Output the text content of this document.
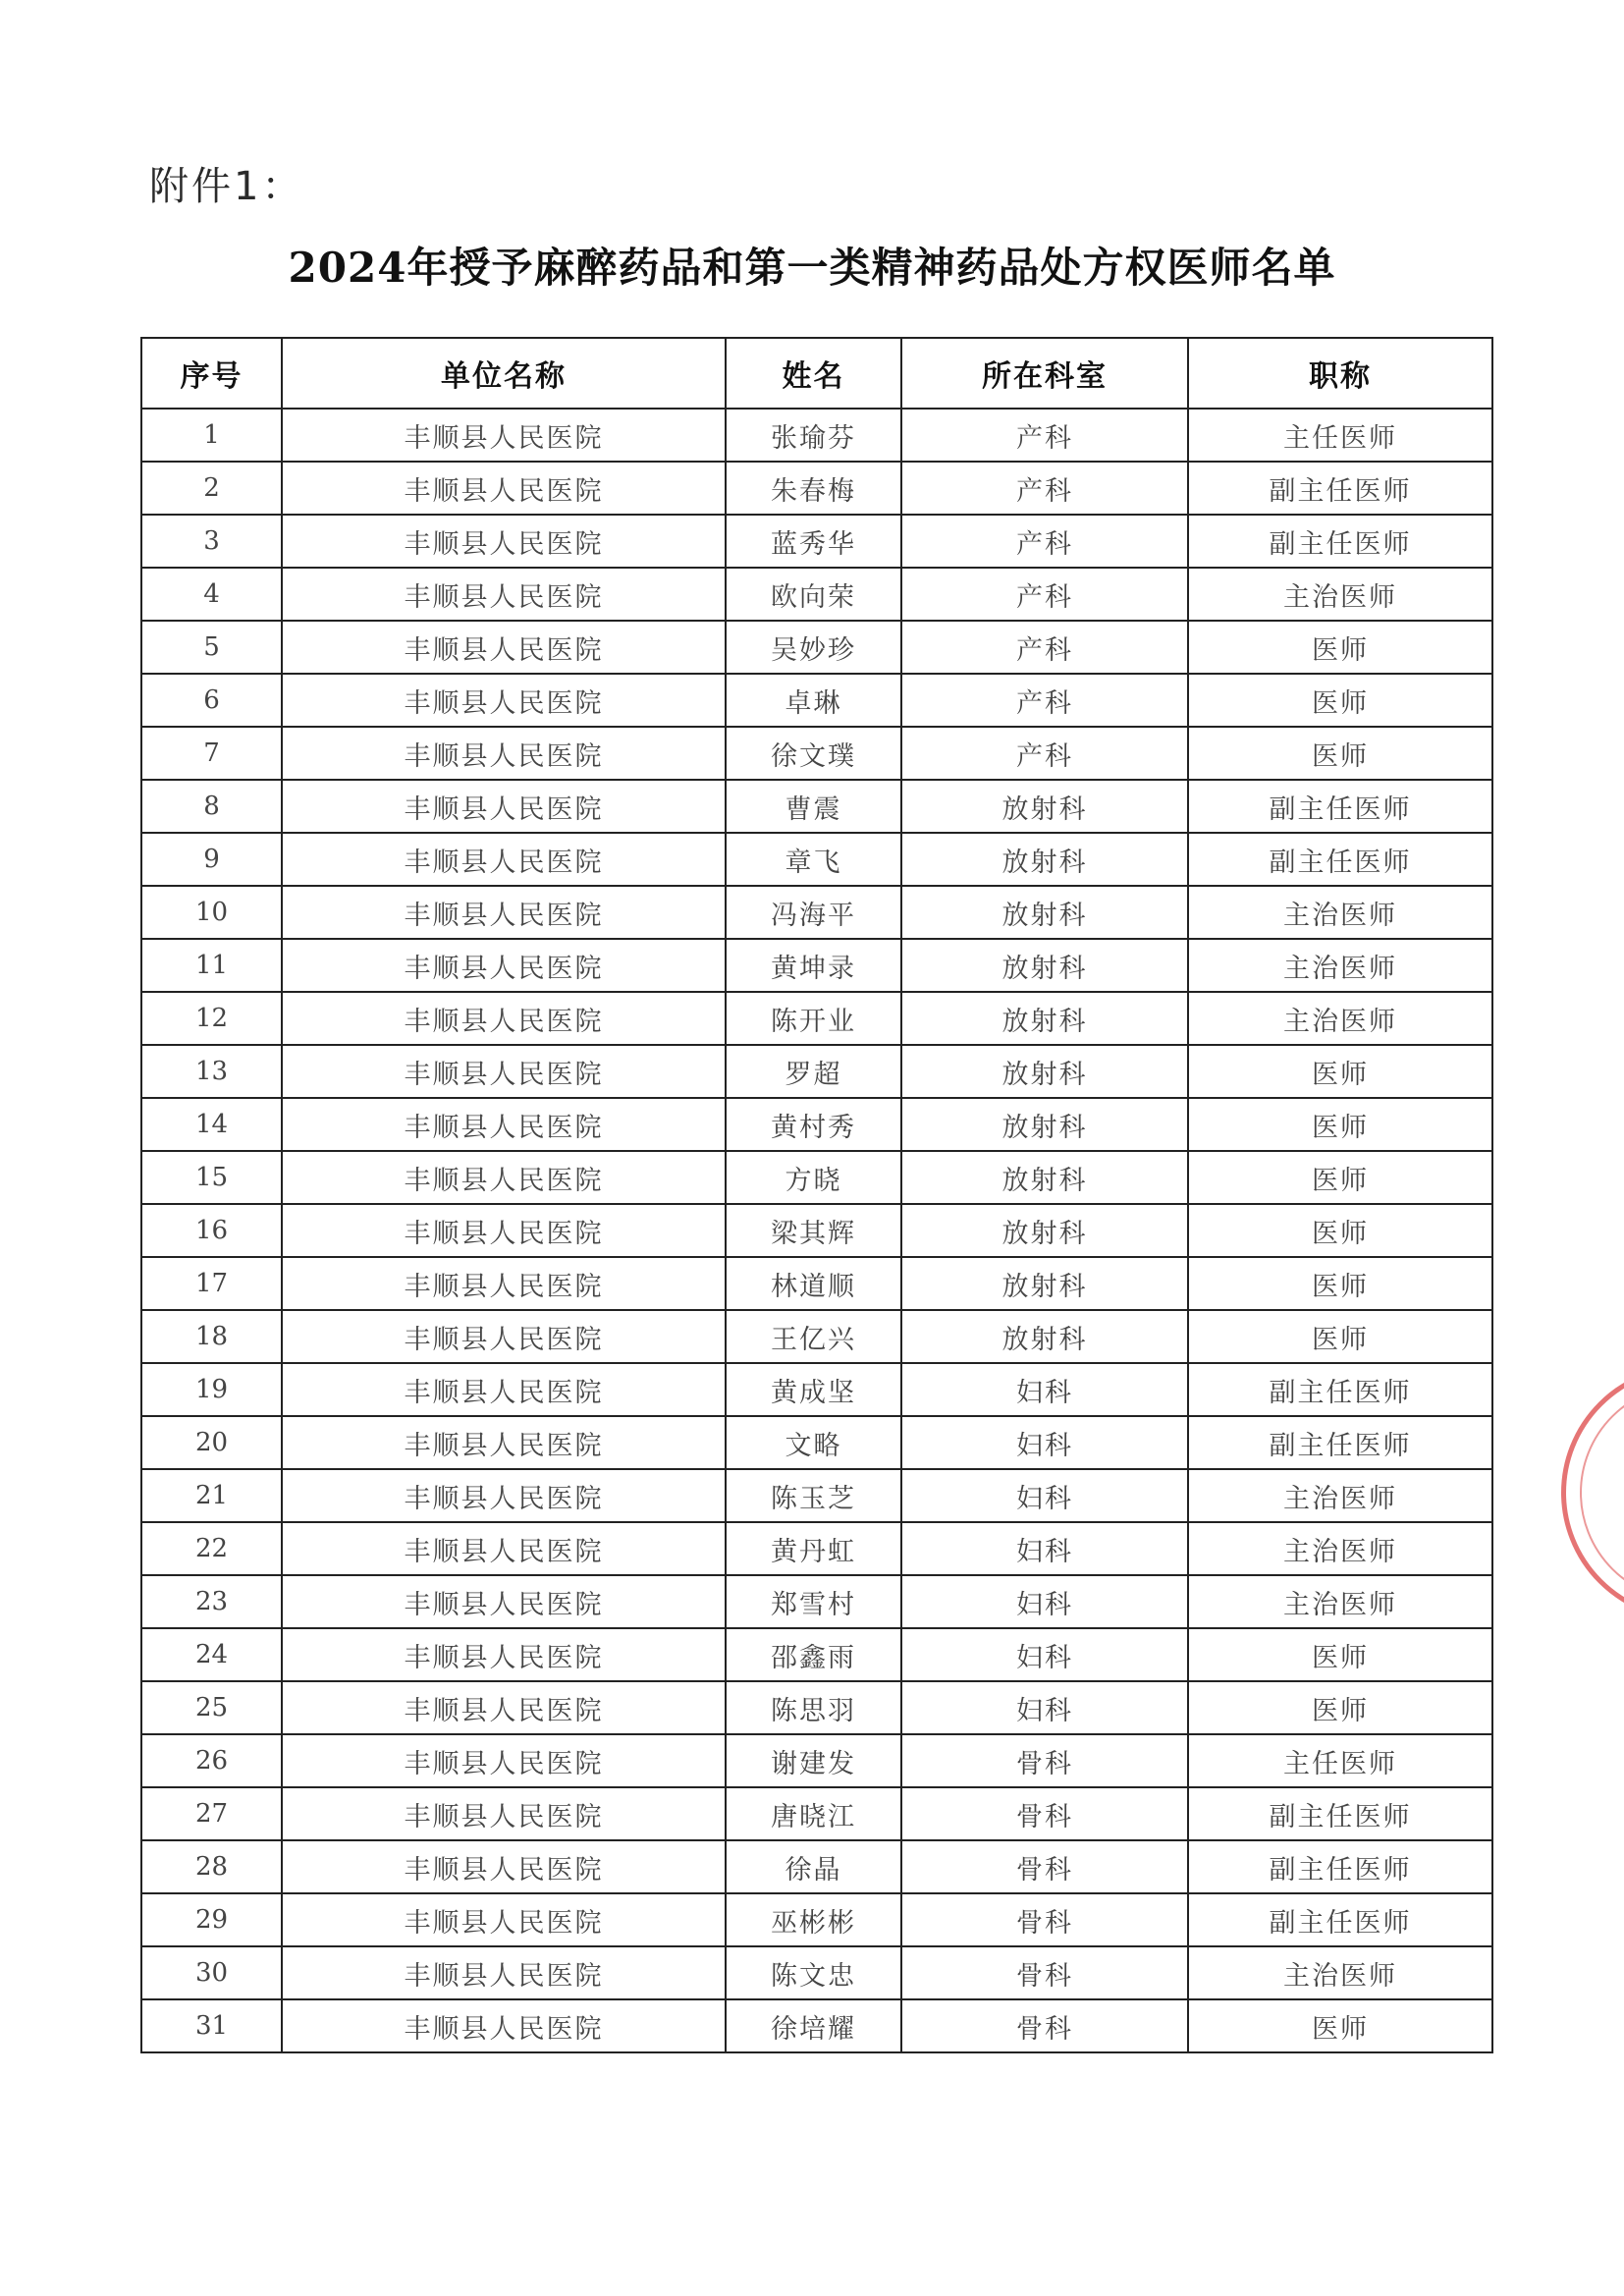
附件1：
2024年授予麻醉药品和第一类精神药品处方权医师名单
序号	单位名称	姓名	所在科室	职称
1	丰顺县人民医院	张瑜芬	产科	主任医师
2	丰顺县人民医院	朱春梅	产科	副主任医师
3	丰顺县人民医院	蓝秀华	产科	副主任医师
4	丰顺县人民医院	欧向荣	产科	主治医师
5	丰顺县人民医院	吴妙珍	产科	医师
6	丰顺县人民医院	卓琳	产科	医师
7	丰顺县人民医院	徐文璞	产科	医师
8	丰顺县人民医院	曹震	放射科	副主任医师
9	丰顺县人民医院	章飞	放射科	副主任医师
10	丰顺县人民医院	冯海平	放射科	主治医师
11	丰顺县人民医院	黄坤录	放射科	主治医师
12	丰顺县人民医院	陈开业	放射科	主治医师
13	丰顺县人民医院	罗超	放射科	医师
14	丰顺县人民医院	黄村秀	放射科	医师
15	丰顺县人民医院	方晓	放射科	医师
16	丰顺县人民医院	梁其辉	放射科	医师
17	丰顺县人民医院	林道顺	放射科	医师
18	丰顺县人民医院	王亿兴	放射科	医师
19	丰顺县人民医院	黄成坚	妇科	副主任医师
20	丰顺县人民医院	文略	妇科	副主任医师
21	丰顺县人民医院	陈玉芝	妇科	主治医师
22	丰顺县人民医院	黄丹虹	妇科	主治医师
23	丰顺县人民医院	郑雪村	妇科	主治医师
24	丰顺县人民医院	邵鑫雨	妇科	医师
25	丰顺县人民医院	陈思羽	妇科	医师
26	丰顺县人民医院	谢建发	骨科	主任医师
27	丰顺县人民医院	唐晓江	骨科	副主任医师
28	丰顺县人民医院	徐晶	骨科	副主任医师
29	丰顺县人民医院	巫彬彬	骨科	副主任医师
30	丰顺县人民医院	陈文忠	骨科	主治医师
31	丰顺县人民医院	徐培耀	骨科	医师
